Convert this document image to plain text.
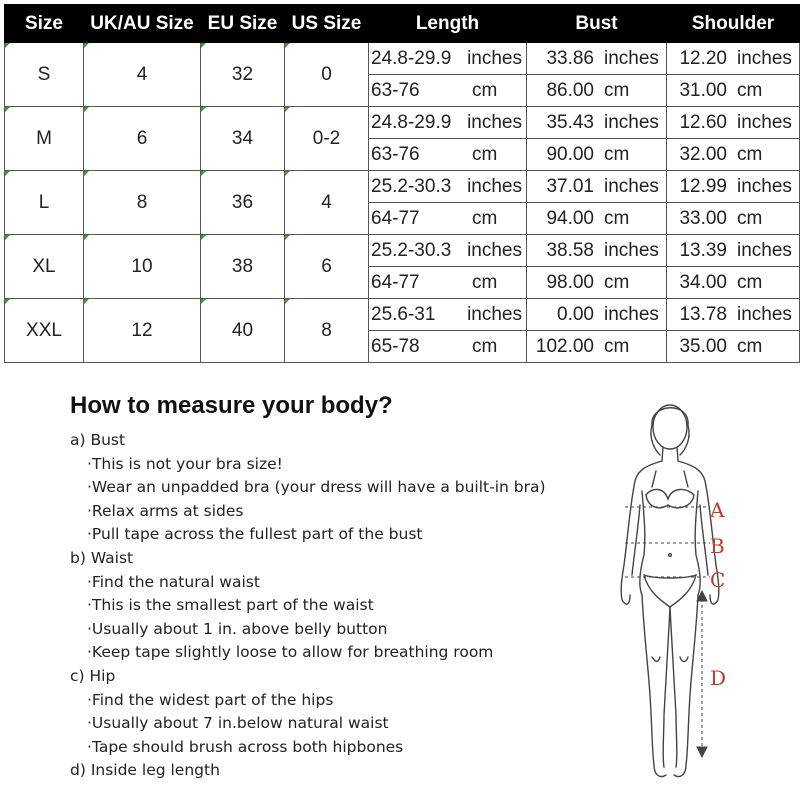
Size	UK/AU Size	EU Size	US Size	Length	Bust	Shoulder
S	4	32	0	24.8-29.9 inches	33.86 inches	12.20 inches

				63-76 cm	86.00 cm	31.00 cm

M	6	34	0-2	24.8-29.9 inches	35.43 inches	12.60 inches

				63-76 cm	90.00 cm	32.00 cm

L	8	36	4	25.2-30.3 inches	37.01 inches	12.99 inches

				64-77 cm	94.00 cm	33.00 cm

XL	10	38	6	25.2-30.3 inches	38.58 inches	13.39 inches

				64-77 cm	98.00 cm	34.00 cm

XXL	12	40	8	25.6-31 inches	0.00 inches	13.78 inches

				65-78 cm	102.00 cm	35.00 cm
How to measure your body?
a) Bust
·This is not your bra size!
·Wear an unpadded bra (your dress will have a built-in bra)
·Relax arms at sides
·Pull tape across the fullest part of the bust
b) Waist
·Find the natural waist
·This is the smallest part of the waist
·Usually about 1 in. above belly button
·Keep tape slightly loose to allow for breathing room
c) Hip
·Find the widest part of the hips
·Usually about 7 in.below natural waist
·Tape should brush across both hipbones
d) Inside leg length
A
B
C
D
